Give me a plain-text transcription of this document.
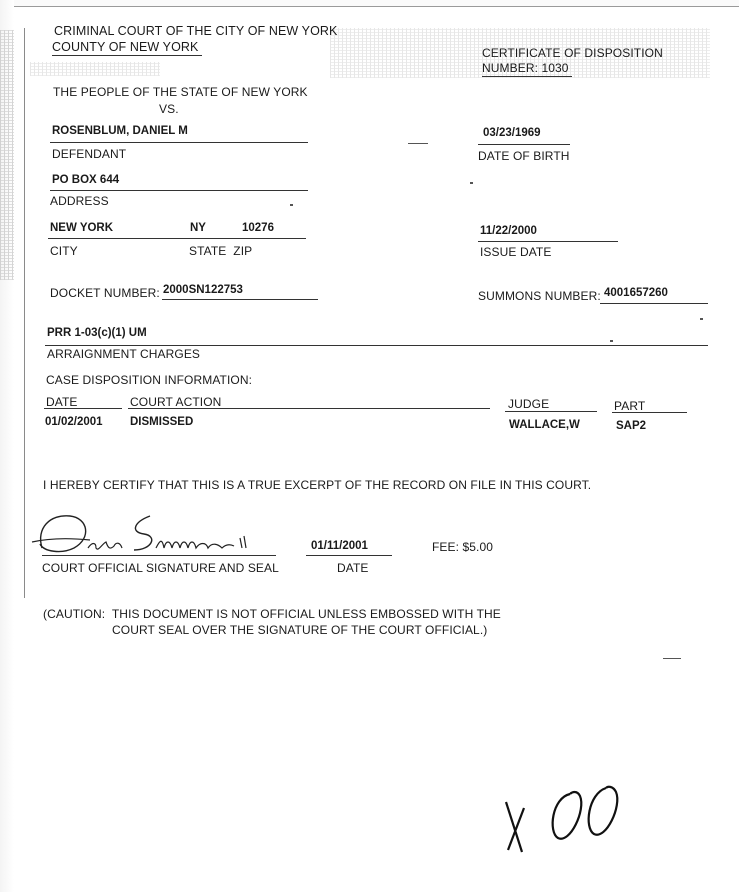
CRIMINAL COURT OF THE CITY OF NEW YORK
COUNTY OF NEW YORK	CERTIFICATE OF DISPOSITION
NUMBER: 1030
THE PEOPLE OF THE STATE OF NEW YORK
VS.
ROSENBLUM, DANIEL M
DEFENDANT
03/23/1969
DATE OF BIRTH
PO BOX 644
ADDRESS
NEW YORK	NY	10276
CITY	STATE  ZIP
11/22/2000
ISSUE DATE
DOCKET NUMBER: 2000SN122753	SUMMONS NUMBER: 4001657260
PRR 1-03(c)(1) UM
ARRAIGNMENT CHARGES
CASE DISPOSITION INFORMATION:
DATE	COURT ACTION	JUDGE	PART
01/02/2001 DISMISSED	WALLACE,W	SAP2
I HEREBY CERTIFY THAT THIS IS A TRUE EXCERPT OF THE RECORD ON FILE IN THIS COURT.
COURT OFFICIAL SIGNATURE AND SEAL
01/11/2001
DATE
FEE: $5.00
(CAUTION:  THIS DOCUMENT IS NOT OFFICIAL UNLESS EMBOSSED WITH THE
COURT SEAL OVER THE SIGNATURE OF THE COURT OFFICIAL.)
